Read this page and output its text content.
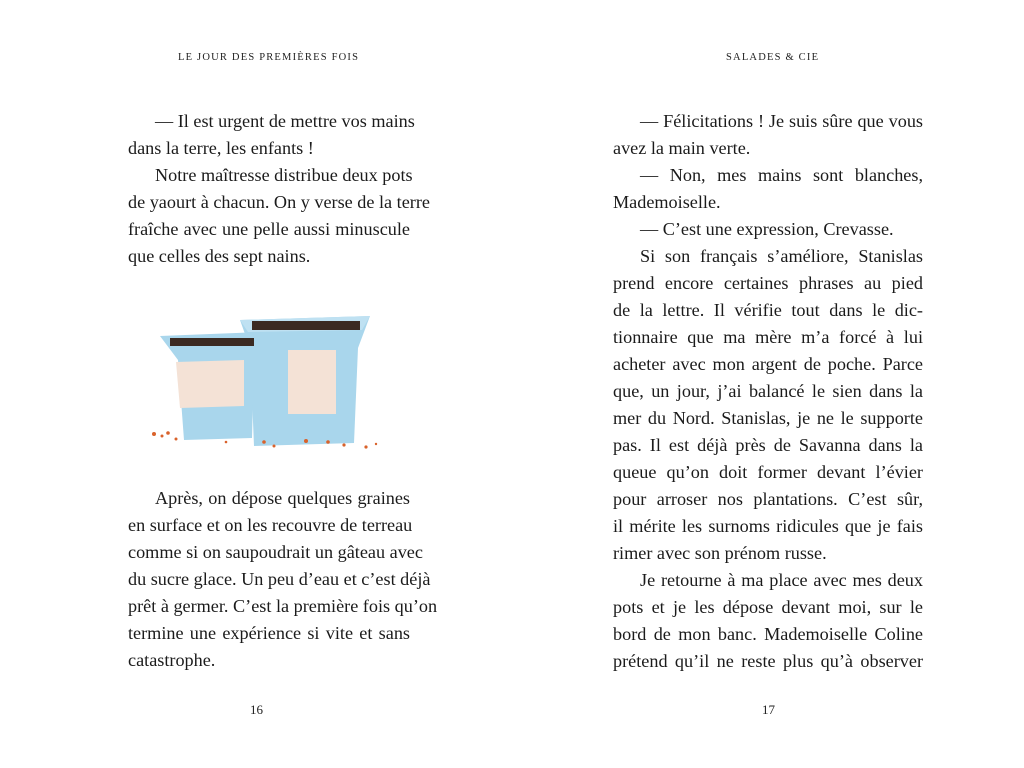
LE JOUR DES PREMIÈRES FOIS
— Il est urgent de mettre vos mains
dans la terre, les enfants !
Notre maîtresse distribue deux pots
de yaourt à chacun. On y verse de la terre
fraîche avec une pelle aussi minuscule
que celles des sept nains.
Après, on dépose quelques graines
en surface et on les recouvre de terreau
comme si on saupoudrait un gâteau avec
du sucre glace. Un peu d’eau et c’est déjà
prêt à germer. C’est la première fois qu’on
termine une expérience si vite et sans
catastrophe.
16
SALADES & CIE
— Félicitations ! Je suis sûre que vous
avez la main verte.
— Non, mes mains sont blanches,
Mademoiselle.
— C’est une expression, Crevasse.
Si son français s’améliore, Stanislas
prend encore certaines phrases au pied
de la lettre. Il vérifie tout dans le dic-
tionnaire que ma mère m’a forcé à lui
acheter avec mon argent de poche. Parce
que, un jour, j’ai balancé le sien dans la
mer du Nord. Stanislas, je ne le supporte
pas. Il est déjà près de Savanna dans la
queue qu’on doit former devant l’évier
pour arroser nos plantations. C’est sûr,
il mérite les surnoms ridicules que je fais
rimer avec son prénom russe.
Je retourne à ma place avec mes deux
pots et je les dépose devant moi, sur le
bord de mon banc. Mademoiselle Coline
prétend qu’il ne reste plus qu’à observer
17
